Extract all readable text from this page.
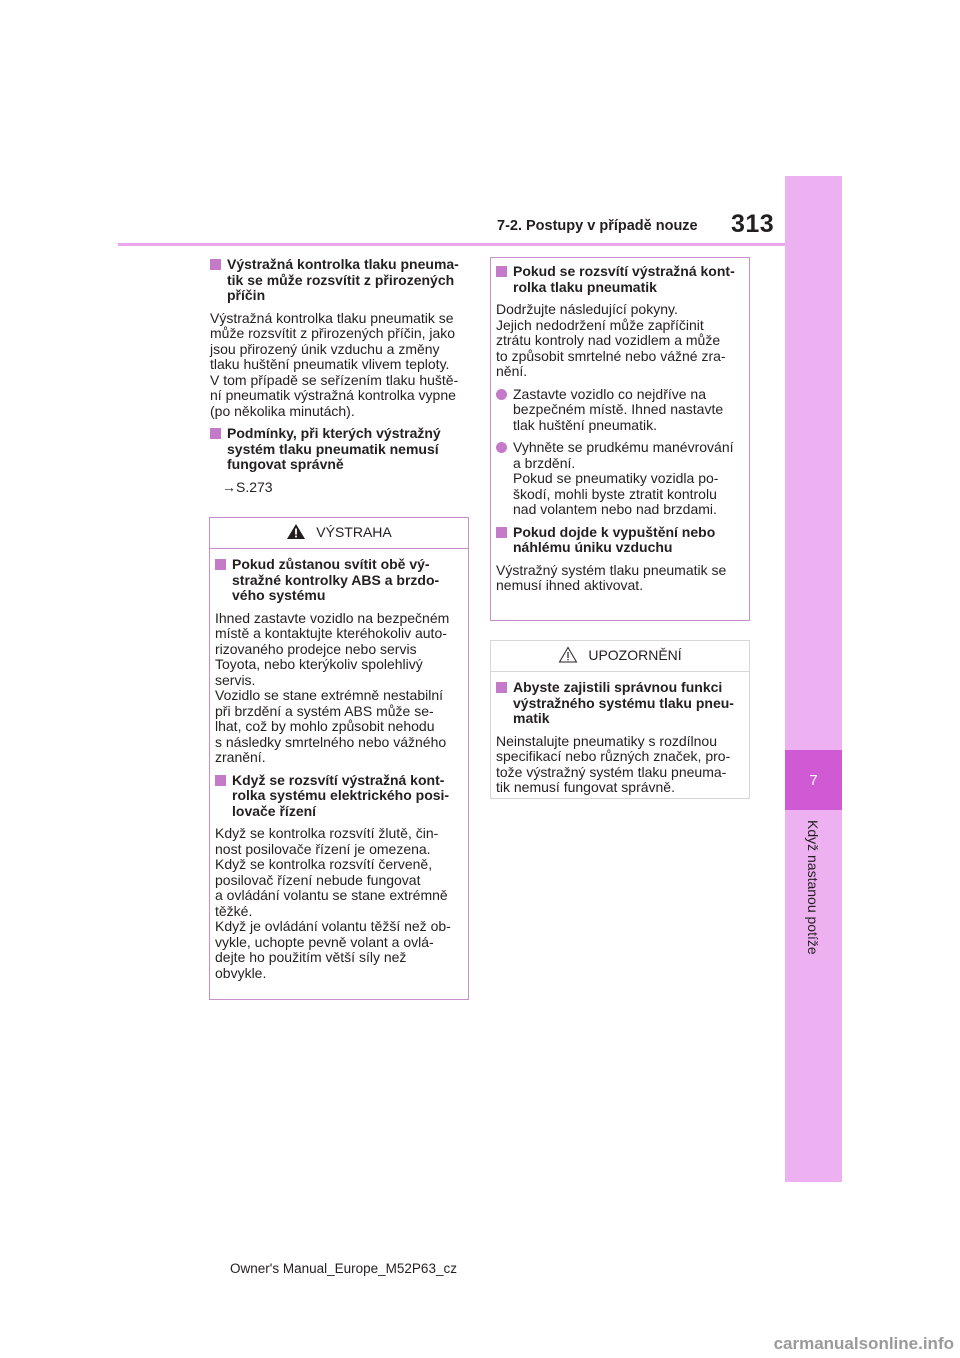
7-2. Postupy v případě nouze 313
7
Když nastanou potíže

Výstražná kontrolka tlaku pneuma-
tik se může rozsvítit z přirozených
příčin

Výstražná kontrolka tlaku pneumatik se
může rozsvítit z přirozených příčin, jako
jsou přirozený únik vzduchu a změny
tlaku huštění pneumatik vlivem teploty.
V tom případě se seřízením tlaku huště-
ní pneumatik výstražná kontrolka vypne
(po několika minutách).

Podmínky, při kterých výstražný
systém tlaku pneumatik nemusí
fungovat správně

→S.273

VÝSTRAHA

Pokud zůstanou svítit obě vý-
stražné kontrolky ABS a brzdo-
vého systému

Ihned zastavte vozidlo na bezpečném
místě a kontaktujte kteréhokoliv auto-
rizovaného prodejce nebo servis
Toyota, nebo kterýkoliv spolehlivý
servis.
Vozidlo se stane extrémně nestabilní
při brzdění a systém ABS může se-
lhat, což by mohlo způsobit nehodu
s následky smrtelného nebo vážného
zranění.

Když se rozsvítí výstražná kont-
rolka systému elektrického posi-
lovače řízení

Když se kontrolka rozsvítí žlutě, čin-
nost posilovače řízení je omezena.
Když se kontrolka rozsvítí červeně,
posilovač řízení nebude fungovat
a ovládání volantu se stane extrémně
těžké.
Když je ovládání volantu těžší než ob-
vykle, uchopte pevně volant a ovlá-
dejte ho použitím větší síly než
obvykle.

Pokud se rozsvítí výstražná kont-
rolka tlaku pneumatik

Dodržujte následující pokyny.
Jejich nedodržení může zapříčinit
ztrátu kontroly nad vozidlem a může
to způsobit smrtelné nebo vážné zra-
nění.

Zastavte vozidlo co nejdříve na
bezpečném místě. Ihned nastavte
tlak huštění pneumatik.

Vyhněte se prudkému manévrování
a brzdění.
Pokud se pneumatiky vozidla po-
škodí, mohli byste ztratit kontrolu
nad volantem nebo nad brzdami.

Pokud dojde k vypuštění nebo
náhlému úniku vzduchu

Výstražný systém tlaku pneumatik se
nemusí ihned aktivovat.

UPOZORNĚNÍ

Abyste zajistili správnou funkci
výstražného systému tlaku pneu-
matik

Neinstalujte pneumatiky s rozdílnou
specifikací nebo různých značek, pro-
tože výstražný systém tlaku pneuma-
tik nemusí fungovat správně.

Owner's Manual_Europe_M52P63_cz
carmanualsonline.info
